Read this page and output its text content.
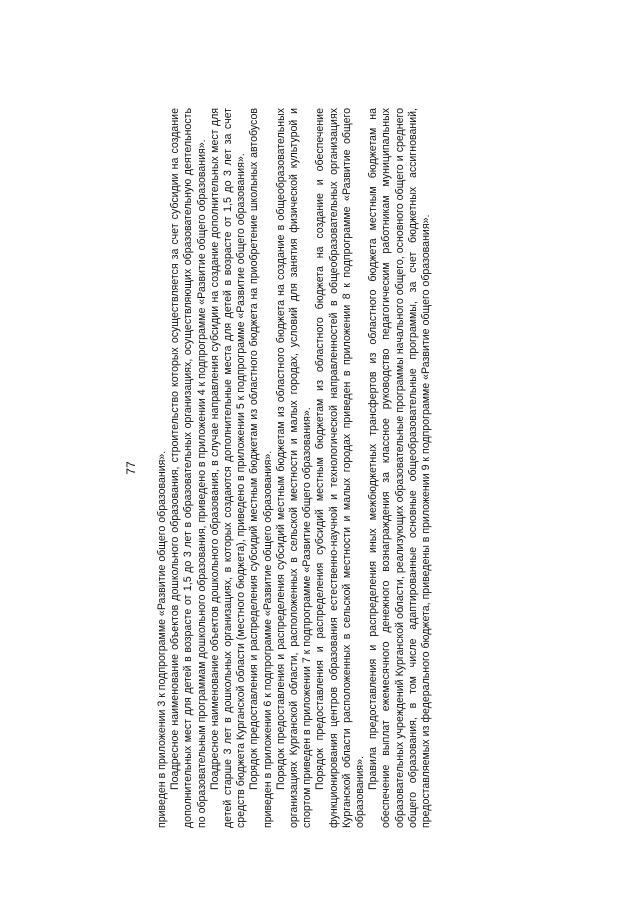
77 приведен в приложении 3 к подпрограмме «Развитие общего образования». Поадресное наименование объектов дошкольного образования, строительство которых осуществляется за счет субсидии на создание дополнительных мест для детей в возрасте от 1,5 до 3 лет в образовательных организациях, осуществляющих образовательную деятельность по образовательным программам дошкольного образования, приведено в приложении 4 к подпрограмме «Развитие общего образования». Поадресное наименование объектов дошкольного образования, в случае направления субсидии на создание дополнительных мест для детей старше 3 лет в дошкольных организациях, в которых создаются дополнительные места для детей в возрасте от 1,5 до 3 лет за счет средств бюджета Курганской области (местного бюджета), приведено в приложении 5 к подпрограмме «Развитие общего образования». Порядок предоставления и распределения субсидий местным бюджетам из областного бюджета на приобретение школьных автобусов приведен в приложении 6 к подпрограмме «Развитие общего образования». Порядок предоставления и распределения субсидий местным бюджетам из областного бюджета на создание в общеобразовательных организациях Курганской области, расположенных в сельской местности и малых городах, условий для занятия физической культурой и спортом приведен в приложении 7 к подпрограмме «Развитие общего образования». Порядок предоставления и распределения субсидий местным бюджетам из областного бюджета на создание и обеспечение функционирования центров образования естественно-научной и технологической направленностей в общеобразовательных организациях Курганской области расположенных в сельской местности и малых городах приведен в приложении 8 к подпрограмме «Развитие общего образования».

Правила предоставления и распределения иных межбюджетных трансфертов из областного бюджета местным бюджетам на обеспечение выплат ежемесячного денежного вознаграждения за классное руководство педагогическим работникам муниципальных образовательных учреждений Курганской области, реализующих образовательные программы начального общего, основного общего и среднего общего образования, в том числе адаптированные основные общеобразовательные программы, за счет бюджетных ассигнований, предоставляемых из федерального бюджета, приведены в приложении 9 к подпрограмме «Развитие общего образования».
